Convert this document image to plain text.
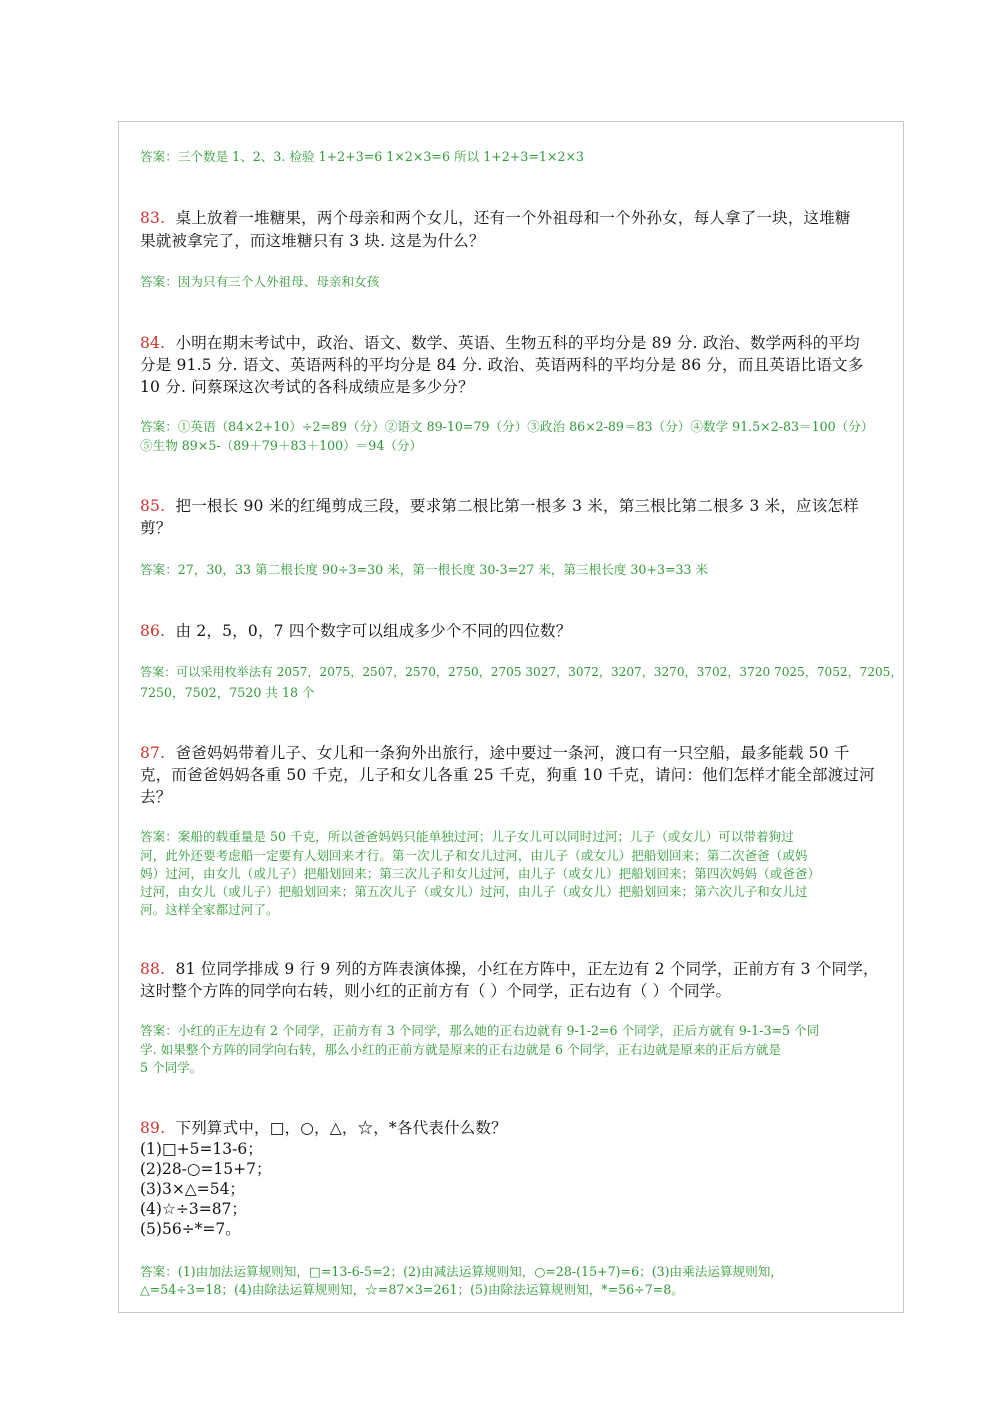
答案：三个数是 1、2、3. 检验 1+2+3=6 1×2×3=6 所以 1+2+3=1×2×3

83. 桌上放着一堆糖果，两个母亲和两个女儿，还有一个外祖母和一个外孙女，每人拿了一块，这堆糖

果就被拿完了，而这堆糖只有 3 块. 这是为什么？

答案：因为只有三个人外祖母、母亲和女孩

84. 小明在期末考试中，政治、语文、数学、英语、生物五科的平均分是 89 分. 政治、数学两科的平均

分是 91.5 分. 语文、英语两科的平均分是 84 分. 政治、英语两科的平均分是 86 分，而且英语比语文多

10 分. 问蔡琛这次考试的各科成绩应是多少分？

答案：①英语（84×2+10）÷2=89（分）②语文 89-10=79（分）③政治 86×2-89＝83（分）④数学 91.5×2-83＝100（分）

⑤生物 89×5-（89＋79＋83＋100）＝94（分）

85. 把一根长 90 米的红绳剪成三段，要求第二根比第一根多 3 米，第三根比第二根多 3 米，应该怎样

剪？

答案：27，30，33 第二根长度 90÷3=30 米，第一根长度 30-3=27 米，第三根长度 30+3=33 米

86. 由 2，5，0，7 四个数字可以组成多少个不同的四位数？

答案：可以采用枚举法有 2057，2075，2507，2570，2750，2705 3027，3072，3207，3270，3702，3720 7025，7052，7205，

7250，7502，7520 共 18 个

87. 爸爸妈妈带着儿子、女儿和一条狗外出旅行，途中要过一条河，渡口有一只空船，最多能载 50 千

克，而爸爸妈妈各重 50 千克，儿子和女儿各重 25 千克，狗重 10 千克，请问：他们怎样才能全部渡过河

去？

答案：案船的载重量是 50 千克，所以爸爸妈妈只能单独过河；儿子女儿可以同时过河；儿子（或女儿）可以带着狗过

河，此外还要考虑船一定要有人划回来才行。第一次儿子和女儿过河，由儿子（或女儿）把船划回来；第二次爸爸（或妈

妈）过河，由女儿（或儿子）把船划回来；第三次儿子和女儿过河，由儿子（或女儿）把船划回来；第四次妈妈（或爸爸）

过河，由女儿（或儿子）把船划回来；第五次儿子（或女儿）过河，由儿子（或女儿）把船划回来；第六次儿子和女儿过

河。这样全家都过河了。

88. 81 位同学排成 9 行 9 列的方阵表演体操，小红在方阵中，正左边有 2 个同学，正前方有 3 个同学，

这时整个方阵的同学向右转，则小红的正前方有（ ）个同学，正右边有（ ）个同学。

答案：小红的正左边有 2 个同学，正前方有 3 个同学，那么她的正右边就有 9-1-2=6 个同学，正后方就有 9-1-3=5 个同

学. 如果整个方阵的同学向右转，那么小红的正前方就是原来的正右边就是 6 个同学，正右边就是原来的正后方就是

5 个同学。

89. 下列算式中，□，○，△，☆，*各代表什么数？

(1)□+5=13-6；

(2)28-○=15+7；

(3)3×△=54；

(4)☆÷3=87；

(5)56÷*=7。

答案：(1)由加法运算规则知，□=13-6-5=2；(2)由减法运算规则知，○=28-(15+7)=6；(3)由乘法运算规则知，

△=54÷3=18；(4)由除法运算规则知，☆=87×3=261；(5)由除法运算规则知，*=56÷7=8。
